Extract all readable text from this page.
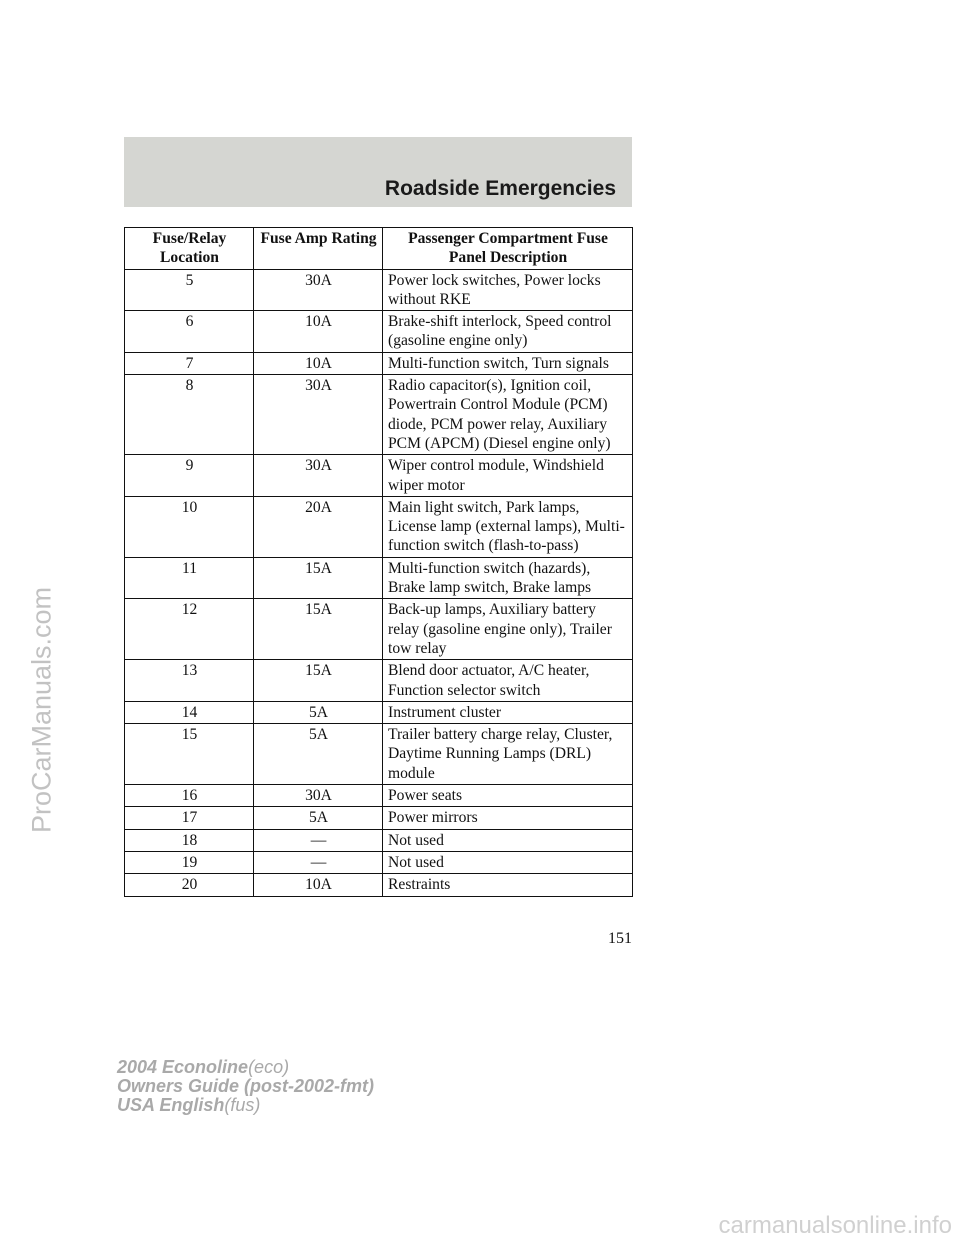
Roadside Emergencies
Fuse/Relay Location	Fuse Amp Rating	Passenger Compartment Fuse Panel Description
5	30A	Power lock switches, Power locks without RKE
6	10A	Brake-shift interlock, Speed control (gasoline engine only)
7	10A	Multi-function switch, Turn signals
8	30A	Radio capacitor(s), Ignition coil, Powertrain Control Module (PCM) diode, PCM power relay, Auxiliary PCM (APCM) (Diesel engine only)
9	30A	Wiper control module, Windshield wiper motor
10	20A	Main light switch, Park lamps, License lamp (external lamps), Multi-function switch (flash-to-pass)
11	15A	Multi-function switch (hazards), Brake lamp switch, Brake lamps
12	15A	Back-up lamps, Auxiliary battery relay (gasoline engine only), Trailer tow relay
13	15A	Blend door actuator, A/C heater, Function selector switch
14	5A	Instrument cluster
15	5A	Trailer battery charge relay, Cluster, Daytime Running Lamps (DRL) module
16	30A	Power seats
17	5A	Power mirrors
18	—	Not used
19	—	Not used
20	10A	Restraints
151
2004 Econoline(eco)
Owners Guide (post-2002-fmt)
USA English(fus)
ProCarManuals.com
carmanualsonline.info
